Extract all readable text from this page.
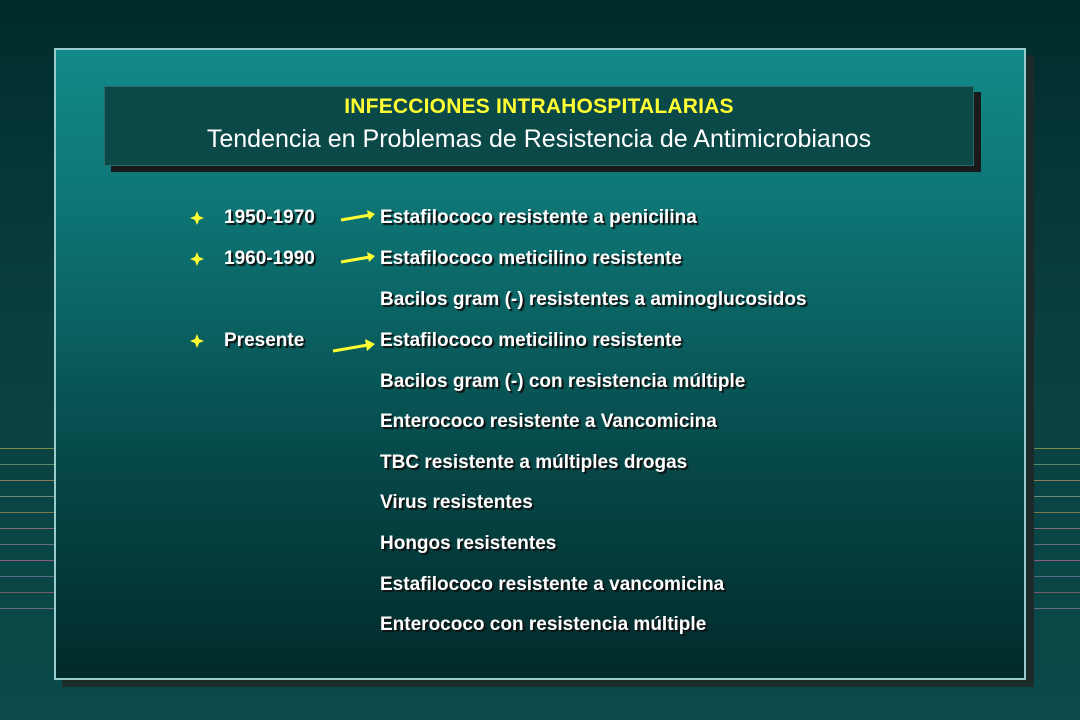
INFECCIONES INTRAHOSPITALARIAS
Tendencia en Problemas de Resistencia de Antimicrobianos
1950-1970	Estafilococo resistente a penicilina
1960-1990	Estafilococo meticilino resistente
Bacilos gram (-) resistentes a aminoglucosidos
Presente	Estafilococo meticilino resistente
Bacilos gram (-) con resistencia múltiple
Enterococo resistente a Vancomicina
TBC resistente a múltiples drogas
Virus resistentes
Hongos resistentes
Estafilococo resistente a vancomicina
Enterococo con resistencia múltiple
